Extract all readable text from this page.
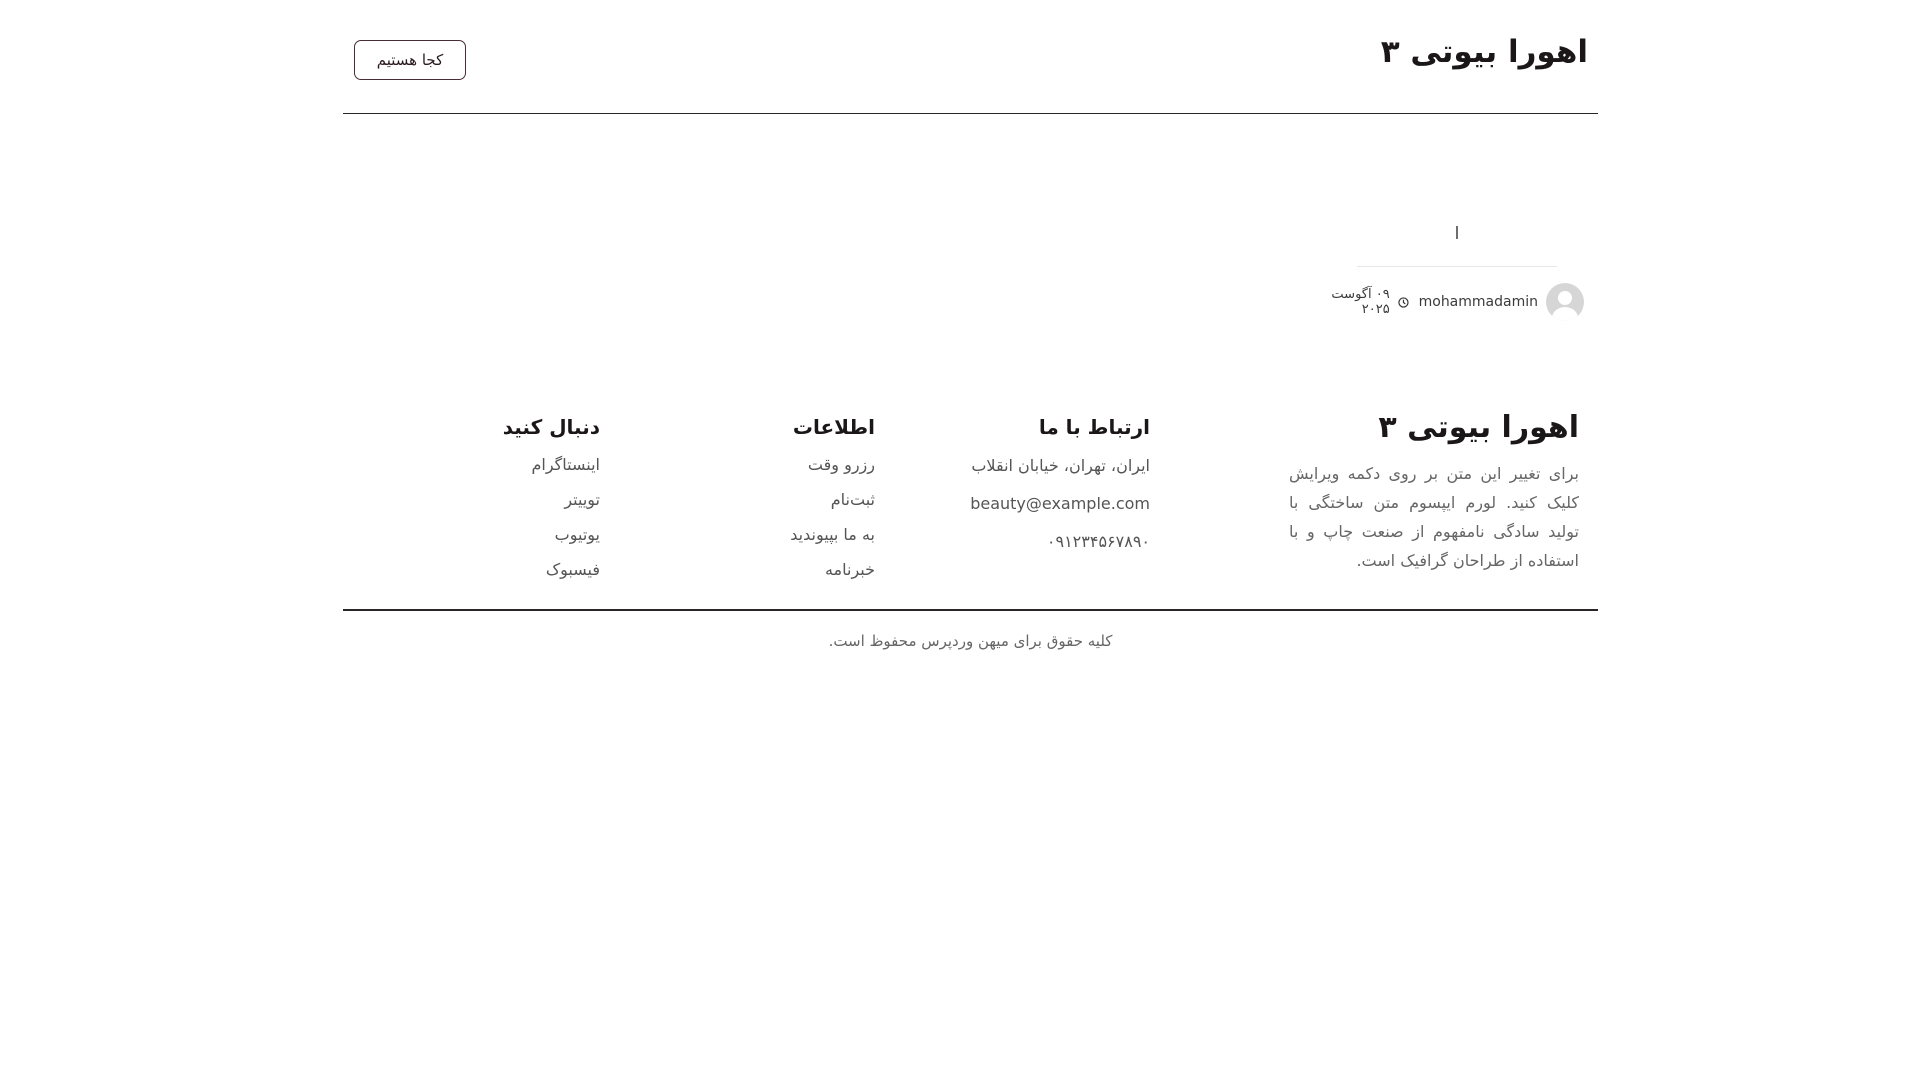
اهورا بیوتی ۳
کجا هستیم
ا
mohammadamin
۰۹ آگوست ۲۰۲۵
اهورا بیوتی ۳

برای تغییر این متن بر روی دکمه ویرایش کلیک کنید. لورم ایپسوم متن ساختگی با تولید سادگی نامفهوم از صنعت چاپ و با استفاده از طراحان گرافیک است.

ارتباط با ما
ایران، تهران، خیابان انقلاب
beauty@example.com
۰۹۱۲۳۴۵۶۷۸۹۰
اطلاعات
رزرو وقت
ثبت‌نام
به ما بپیوندید
خبرنامه
دنبال کنید
اینستاگرام
توییتر
یوتیوب
فیسبوک
کلیه حقوق برای میهن وردپرس محفوظ است.
